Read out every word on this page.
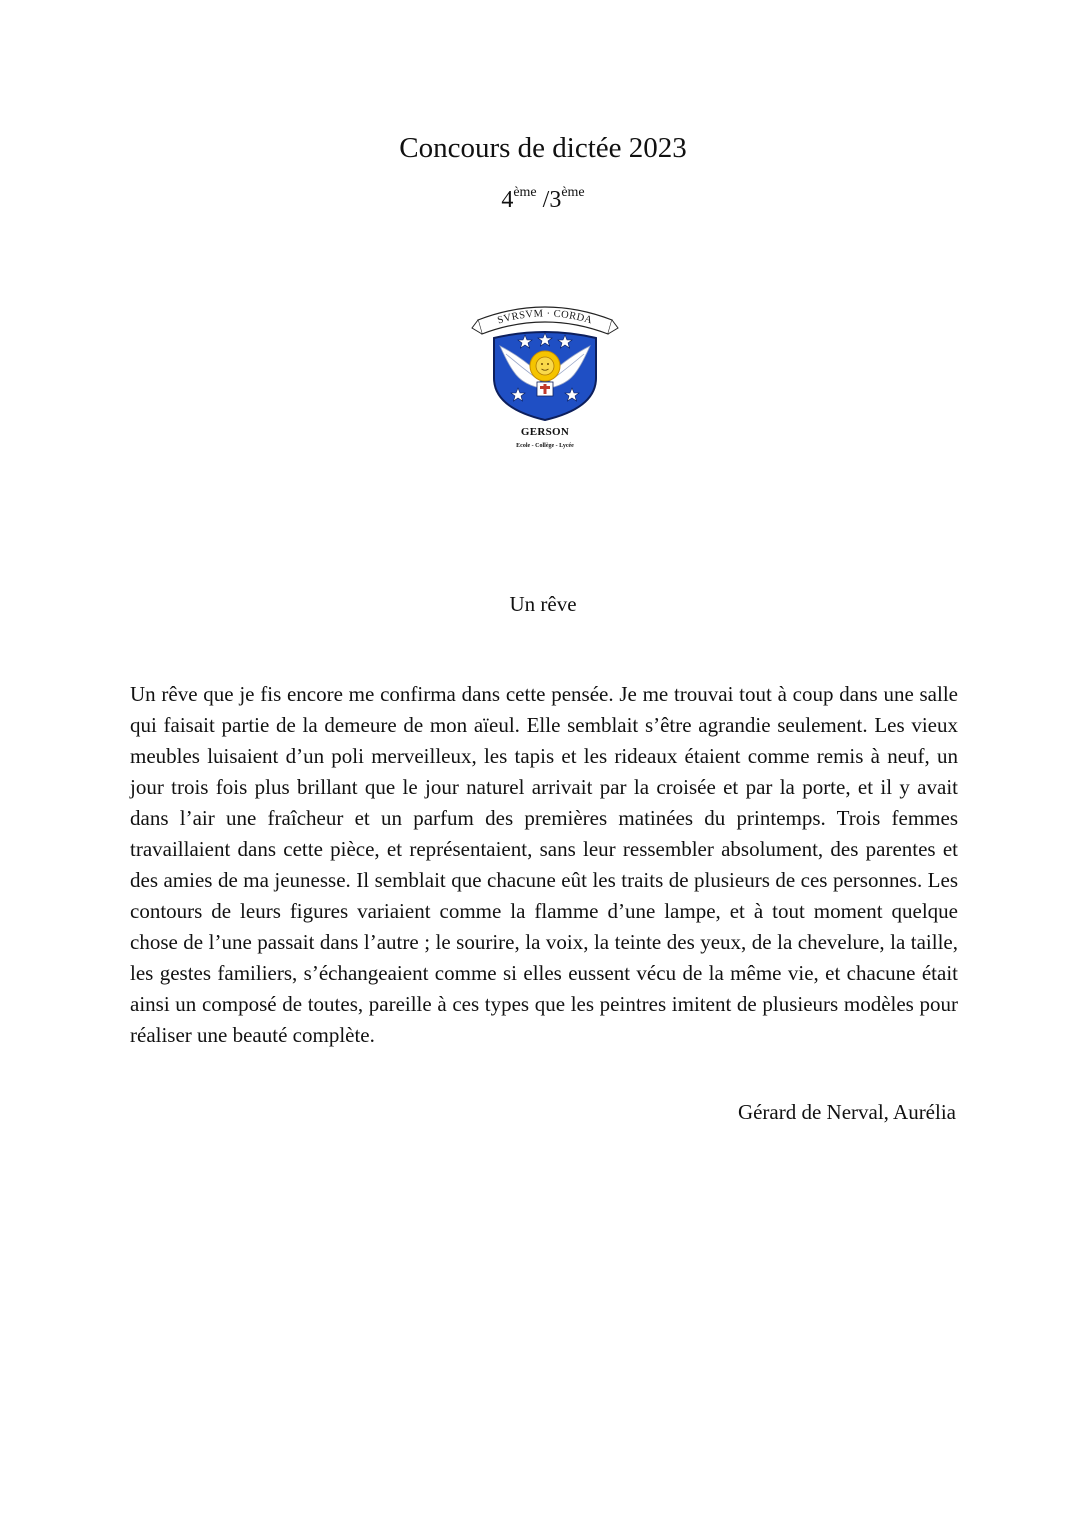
Concours de dictée 2023
4ème /3ème
SVRSVM · CORDA
GERSON
Ecole - Collège - Lycée
Un rêve

Un rêve que je fis encore me confirma dans cette pensée. Je me trouvai tout à coup dans une salle qui faisait partie de la demeure de mon aïeul. Elle semblait s’être agrandie seulement. Les vieux meubles luisaient d’un poli merveilleux, les tapis et les rideaux étaient comme remis à neuf, un jour trois fois plus brillant que le jour naturel arrivait par la croisée et par la porte, et il y avait dans l’air une fraîcheur et un parfum des premières matinées du printemps. Trois femmes travaillaient dans cette pièce, et représentaient, sans leur ressembler absolument, des parentes et des amies de ma jeunesse. Il semblait que chacune eût les traits de plusieurs de ces personnes. Les contours de leurs figures variaient comme la flamme d’une lampe, et à tout moment quelque chose de l’une passait dans l’autre ; le sourire, la voix, la teinte des yeux, de la chevelure, la taille, les gestes familiers, s’échangeaient comme si elles eussent vécu de la même vie, et chacune était ainsi un composé de toutes, pareille à ces types que les peintres imitent de plusieurs modèles pour réaliser une beauté complète.

Gérard de Nerval, Aurélia
